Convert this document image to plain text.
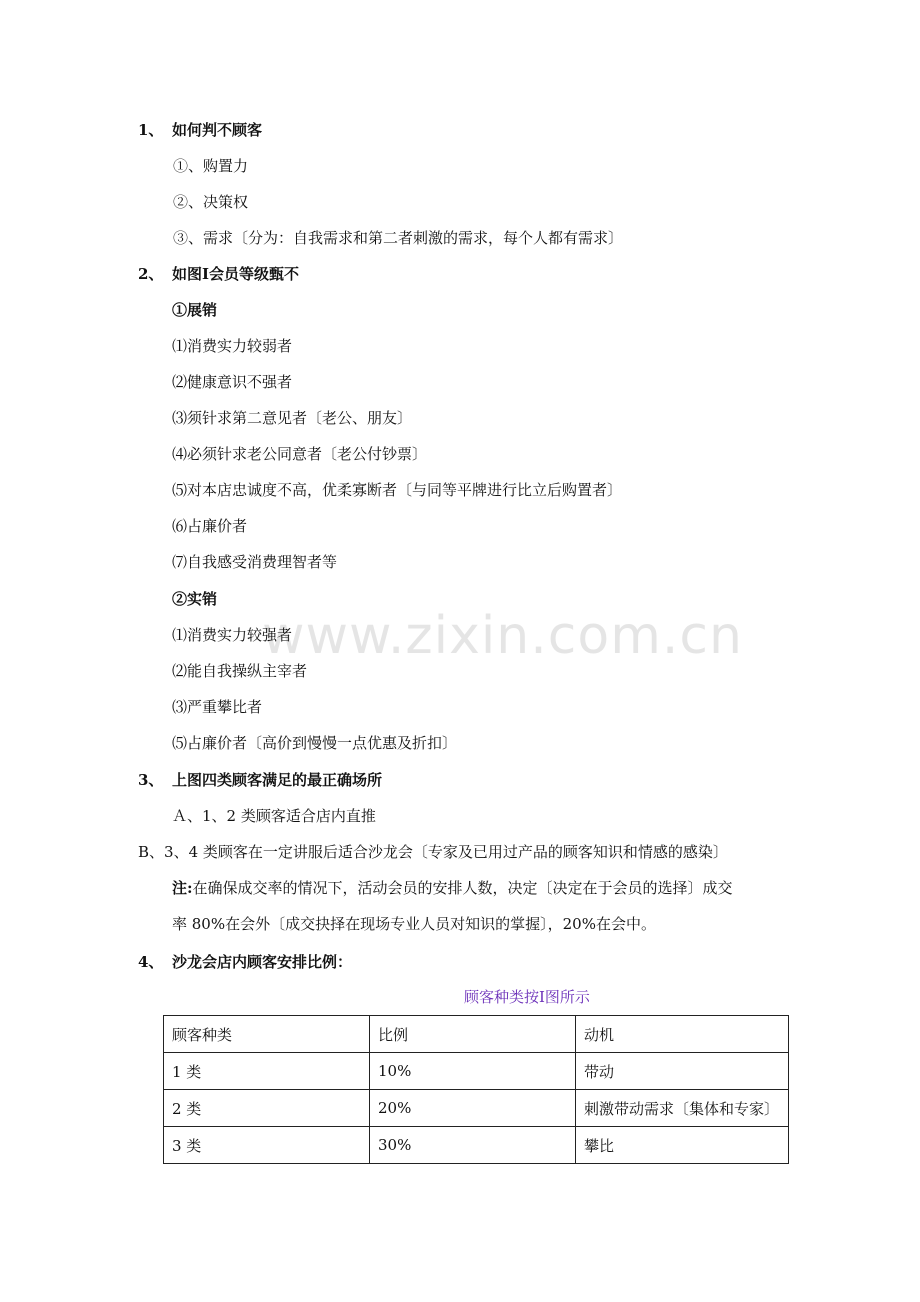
www.zixin.com.cn
1、 如何判不顾客
①、购置力
②、决策权
③、需求〔分为：自我需求和第二者刺激的需求，每个人都有需求〕
2、 如图Ⅰ会员等级甄不
①展销
⑴消费实力较弱者
⑵健康意识不强者
⑶须针求第二意见者〔老公、朋友〕
⑷必须针求老公同意者〔老公付钞票〕
⑸对本店忠诚度不高，优柔寡断者〔与同等平牌进行比立后购置者〕
⑹占廉价者
⑺自我感受消费理智者等
②实销
⑴消费实力较强者
⑵能自我操纵主宰者
⑶严重攀比者
⑸占廉价者〔高价到慢慢一点优惠及折扣〕
3、 上图四类顾客满足的最正确场所
Ａ、1、2 类顾客适合店内直推
B、3、4 类顾客在一定讲服后适合沙龙会〔专家及已用过产品的顾客知识和情感的感染〕
注:在确保成交率的情况下，活动会员的安排人数，决定〔决定在于会员的选择〕成交
率 80%在会外〔成交抉择在现场专业人员对知识的掌握〕，20%在会中。
4、 沙龙会店内顾客安排比例：
顾客种类按Ⅰ图所示
顾客种类	比例	动机
1 类	10%	带动
2 类	20%	刺激带动需求〔集体和专家〕
3 类	30%	攀比
